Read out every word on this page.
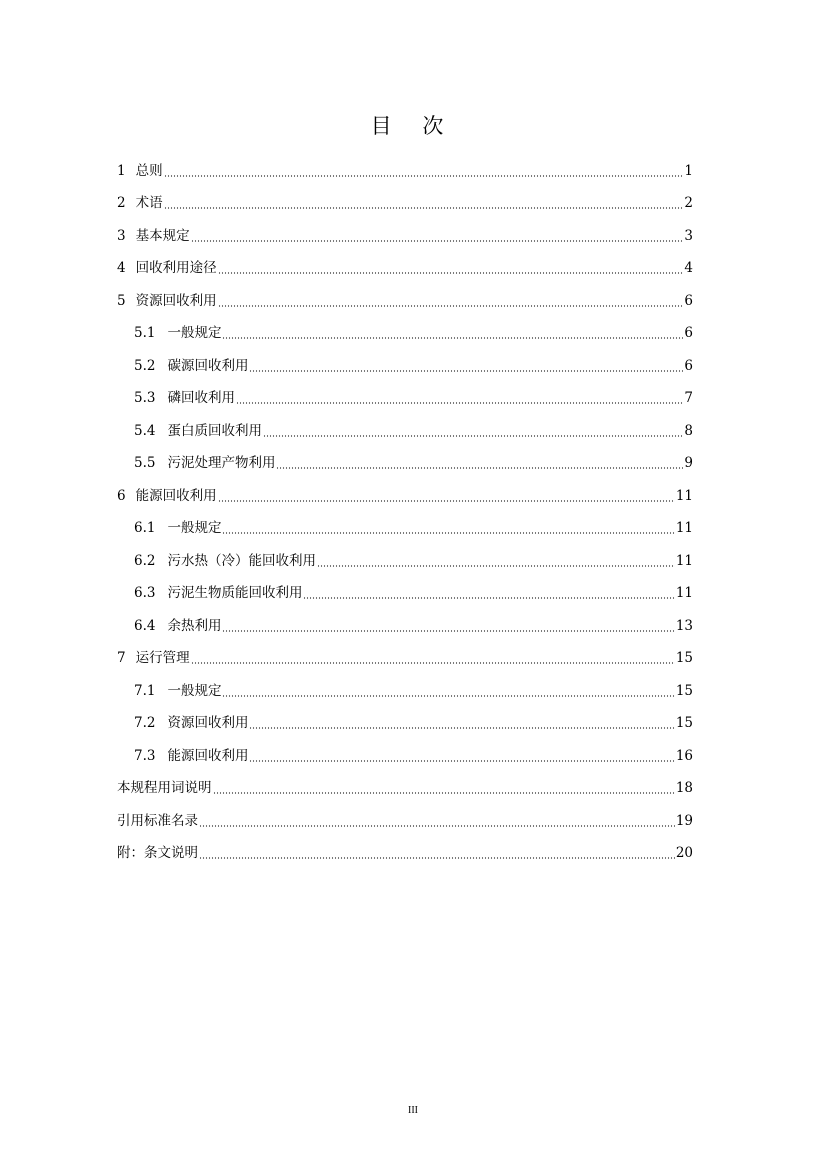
目 次
1 总则	1
2 术语	2
3 基本规定	3
4 回收利用途径	4
5 资源回收利用	6
5.1 一般规定	6
5.2 碳源回收利用	6
5.3 磷回收利用	7
5.4 蛋白质回收利用	8
5.5 污泥处理产物利用	9
6 能源回收利用	11
6.1 一般规定	11
6.2 污水热（冷）能回收利用	11
6.3 污泥生物质能回收利用	11
6.4 余热利用	13
7 运行管理	15
7.1 一般规定	15
7.2 资源回收利用	15
7.3 能源回收利用	16
本规程用词说明	18
引用标准名录	19
附：条文说明	20
III
